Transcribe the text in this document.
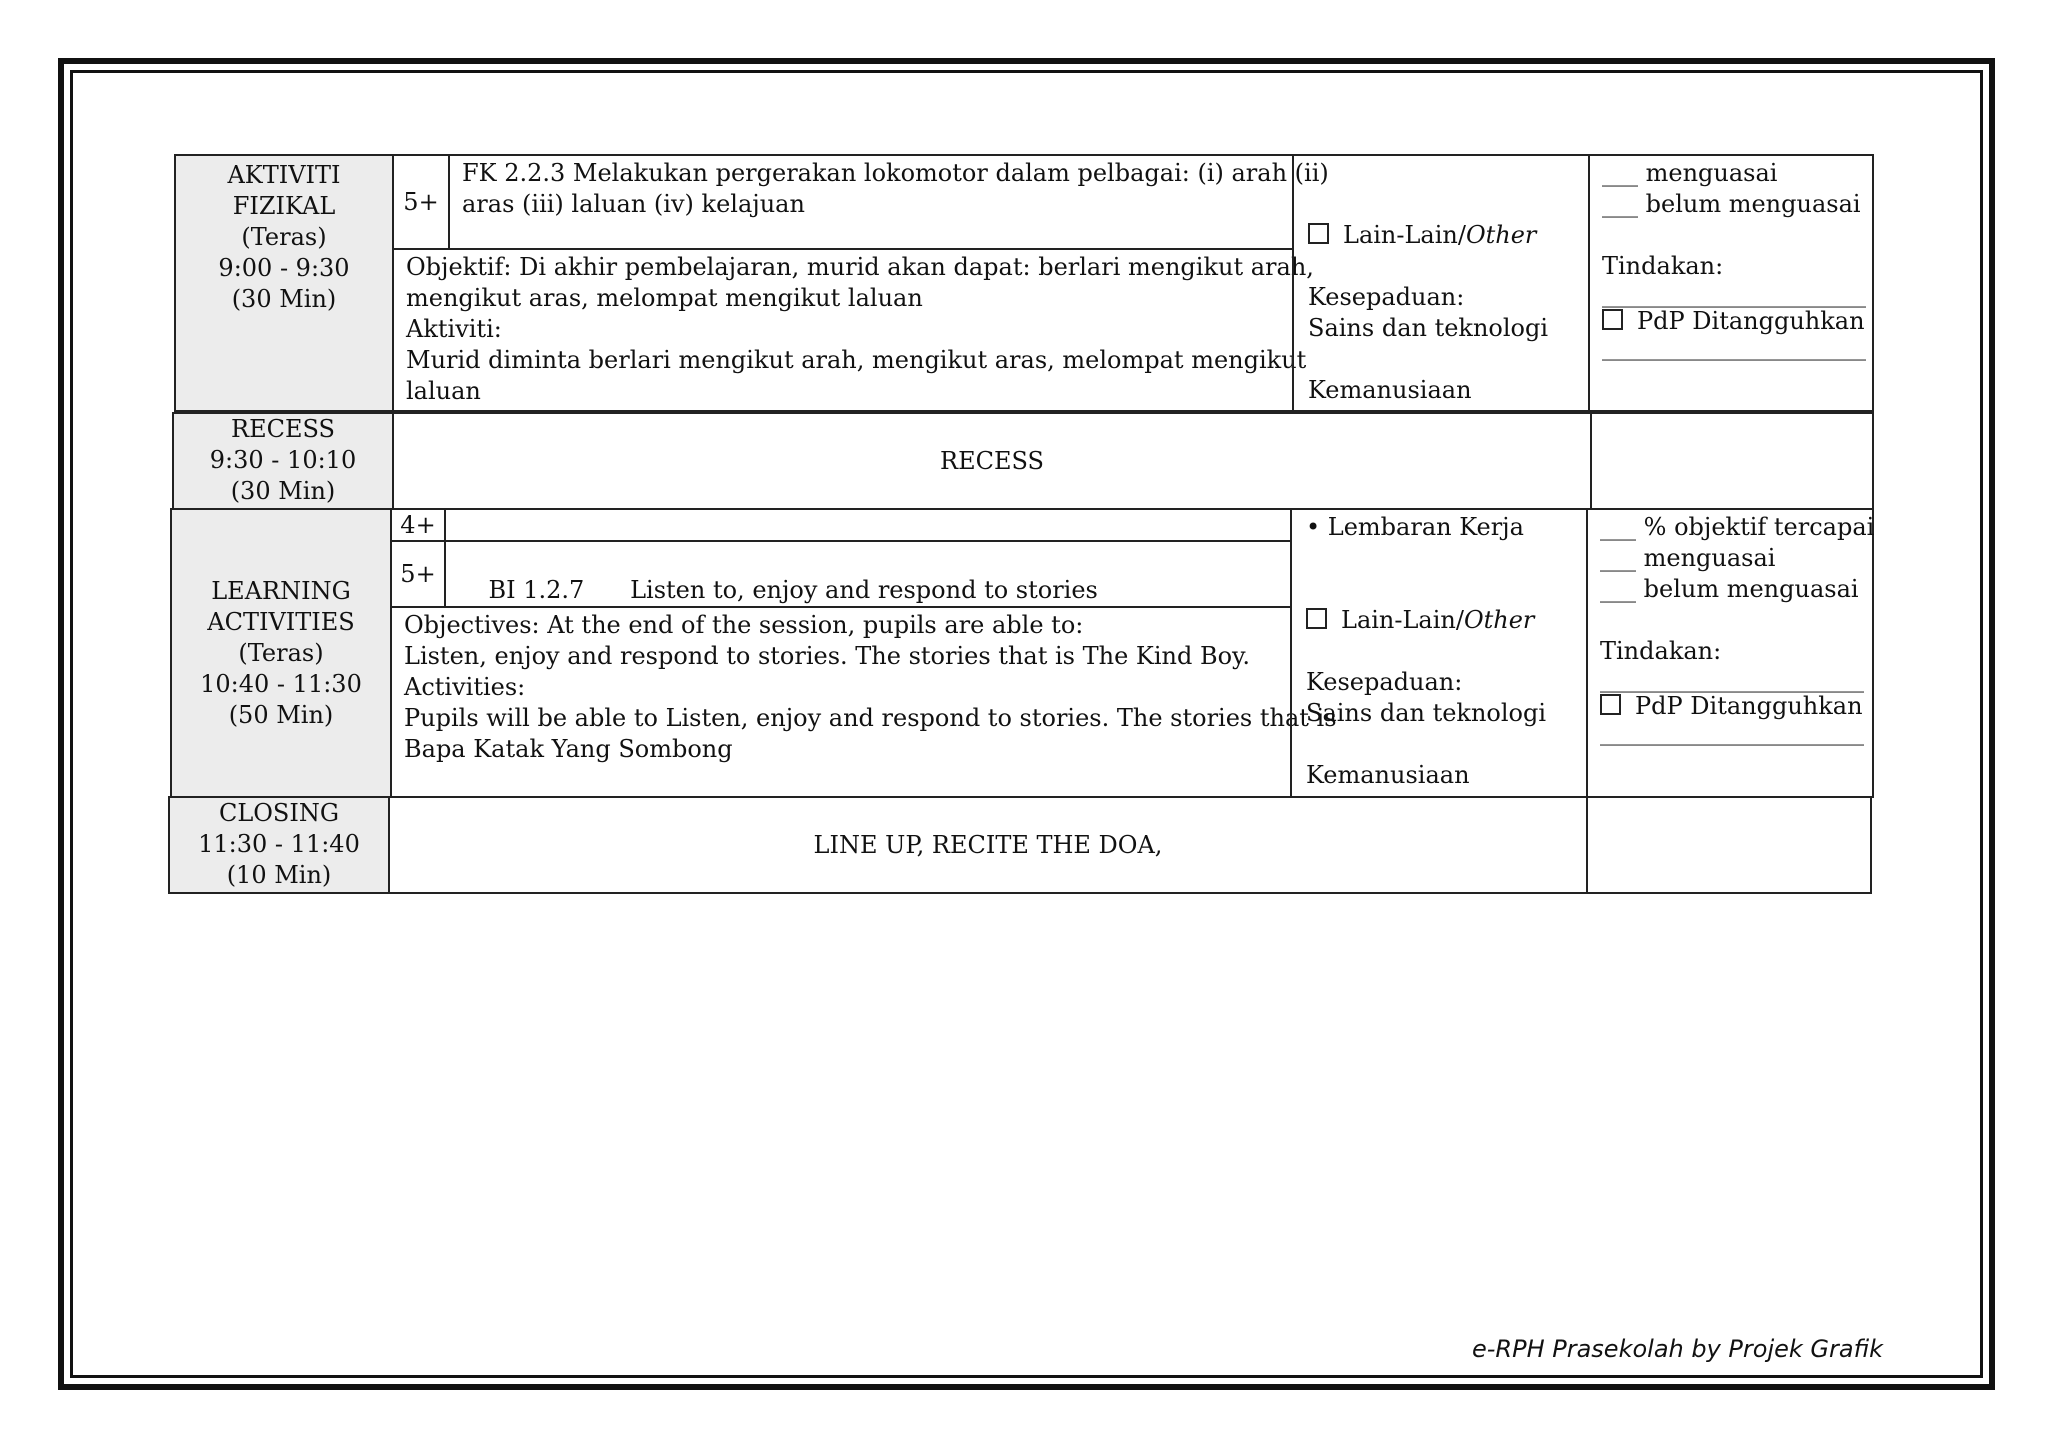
AKTIVITI
FIZIKAL
(Teras)
9:00 - 9:30
(30 Min)
5+
FK 2.2.3 Melakukan pergerakan lokomotor dalam pelbagai: (i) arah (ii)
aras (iii) laluan (iv) kelajuan
Objektif: Di akhir pembelajaran, murid akan dapat: berlari mengikut arah,
mengikut aras, melompat mengikut laluan
Aktiviti:
Murid diminta berlari mengikut arah, mengikut aras, melompat mengikut
laluan
Lain-Lain/Other

Kesepaduan:
Sains dan teknologi

Kemanusiaan
___ menguasai
___ belum menguasai

Tindakan:
______________________
PdP Ditangguhkan
______________________
RECESS
9:30 - 10:10
(30 Min)
RECESS
LEARNING
ACTIVITIES
(Teras)
10:40 - 11:30
(50 Min)
4+
5+

BI 1.2.7      Listen to, enjoy and respond to stories

Objectives: At the end of the session, pupils are able to:
Listen, enjoy and respond to stories. The stories that is The Kind Boy.
Activities:
Pupils will be able to Listen, enjoy and respond to stories. The stories that is
Bapa Katak Yang Sombong
• Lembaran Kerja

Lain-Lain/Other

Kesepaduan:
Sains dan teknologi

Kemanusiaan
___ % objektif tercapai
___ menguasai
___ belum menguasai

Tindakan:
______________________
PdP Ditangguhkan
______________________
CLOSING
11:30 - 11:40
(10 Min)
LINE UP, RECITE THE DOA,
e-RPH Prasekolah by Projek Grafik
